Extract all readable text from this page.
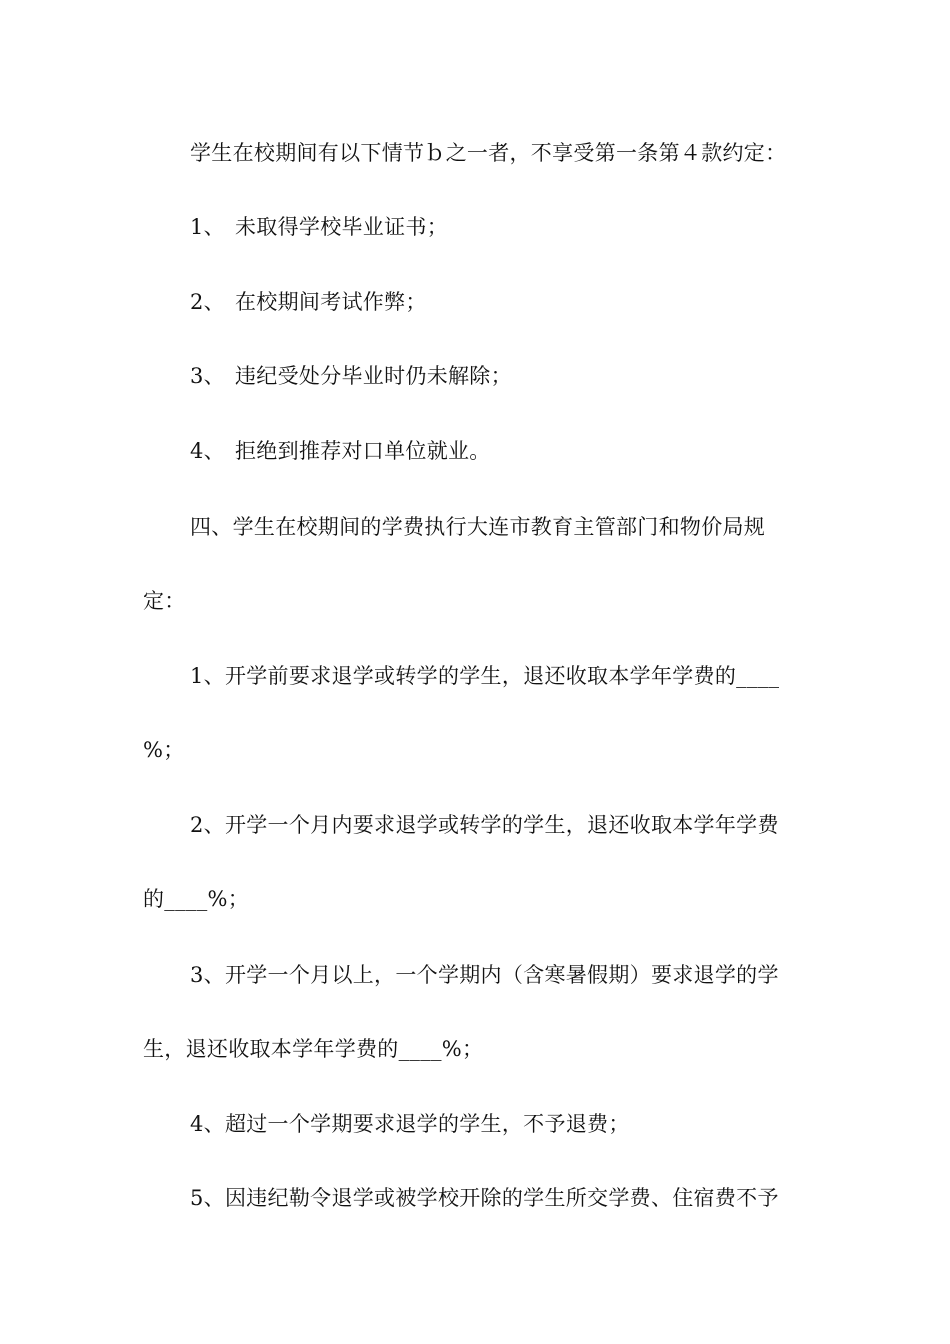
学生在校期间有以下情节ｂ之一者，不享受第一条第４款约定：
1、 未取得学校毕业证书；
2、 在校期间考试作弊；
3、 违纪受处分毕业时仍未解除；
4、 拒绝到推荐对口单位就业。
四、学生在校期间的学费执行大连市教育主管部门和物价局规
定：
1、开学前要求退学或转学的学生，退还收取本学年学费的____
%；
2、开学一个月内要求退学或转学的学生，退还收取本学年学费
的____%；
3、开学一个月以上，一个学期内（含寒暑假期）要求退学的学
生，退还收取本学年学费的____%；
4、超过一个学期要求退学的学生，不予退费；
5、因违纪勒令退学或被学校开除的学生所交学费、住宿费不予
